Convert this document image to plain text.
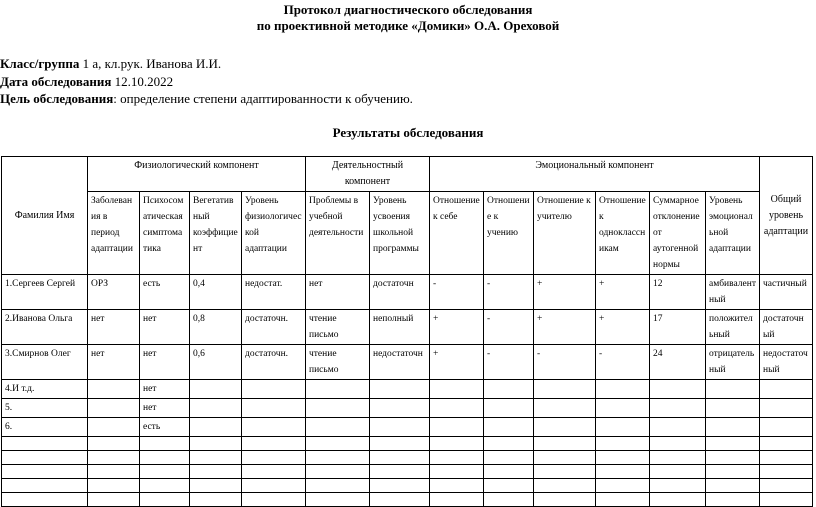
Протокол диагностического обследования
по проективной методике «Домики» О.А. Ореховой
Класс/группа 1 а, кл.рук. Иванова И.И.
Дата обследования 12.10.2022
Цель обследования: определение степени адаптированности к обучению.
Результаты обследования
Фамилия Имя	Физиологический компонент				Деятельностный компонент		Эмоциональный компонент						Общий уровень адаптации
	Заболевания в период адаптации	Психосоматическая симптоматика	Вегетативный коэффициент	Уровень физиологической адаптации	Проблемы в учебной деятельности	Уровень усвоения школьной программы	Отношение к себе	Отношение к учению	Отношение к учителю	Отношение к одноклассникам	Суммарное отклонение от аутогенной нормы	Уровень эмоциональной адаптации	
1.Сергеев Сергей	ОРЗ	есть	0,4	недостат.	нет	достаточн	-	-	+	+	12	амбивалентный	частичный
2.Иванова Ольга	нет	нет	0,8	достаточн.	чтение письмо	неполный	+	-	+	+	17	положительный	достаточный
3.Смирнов Олег	нет	нет	0,6	достаточн.	чтение письмо	недостаточн	+	-	-	-	24	отрицательный	недостаточный
4.И т.д.		нет											
5.		нет											
6.		есть											
